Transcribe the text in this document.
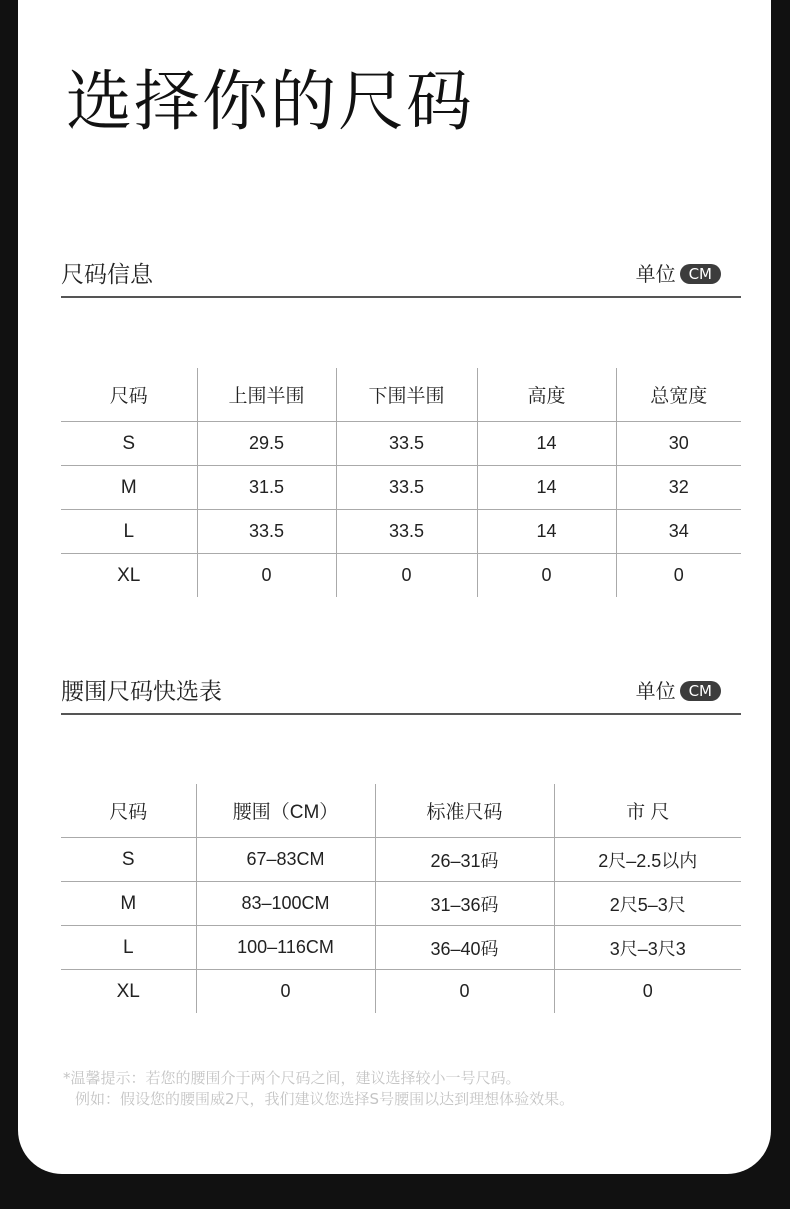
选择你的尺码
尺码信息	单位 CM
尺码	上围半围	下围半围	高度	总宽度
S	29.5	33.5	14	30
M	31.5	33.5	14	32
L	33.5	33.5	14	34
XL	0	0	0	0
腰围尺码快选表	单位 CM
尺码	腰围（CM）	标准尺码	市 尺
S	67–83CM	26–31码	2尺–2.5以内
M	83–100CM	31–36码	2尺5–3尺
L	100–116CM	36–40码	3尺–3尺3
XL	0	0	0
*温馨提示：若您的腰围介于两个尺码之间，建议选择较小一号尺码。
例如：假设您的腰围威2尺，我们建议您选择S号腰围以达到理想体验效果。
